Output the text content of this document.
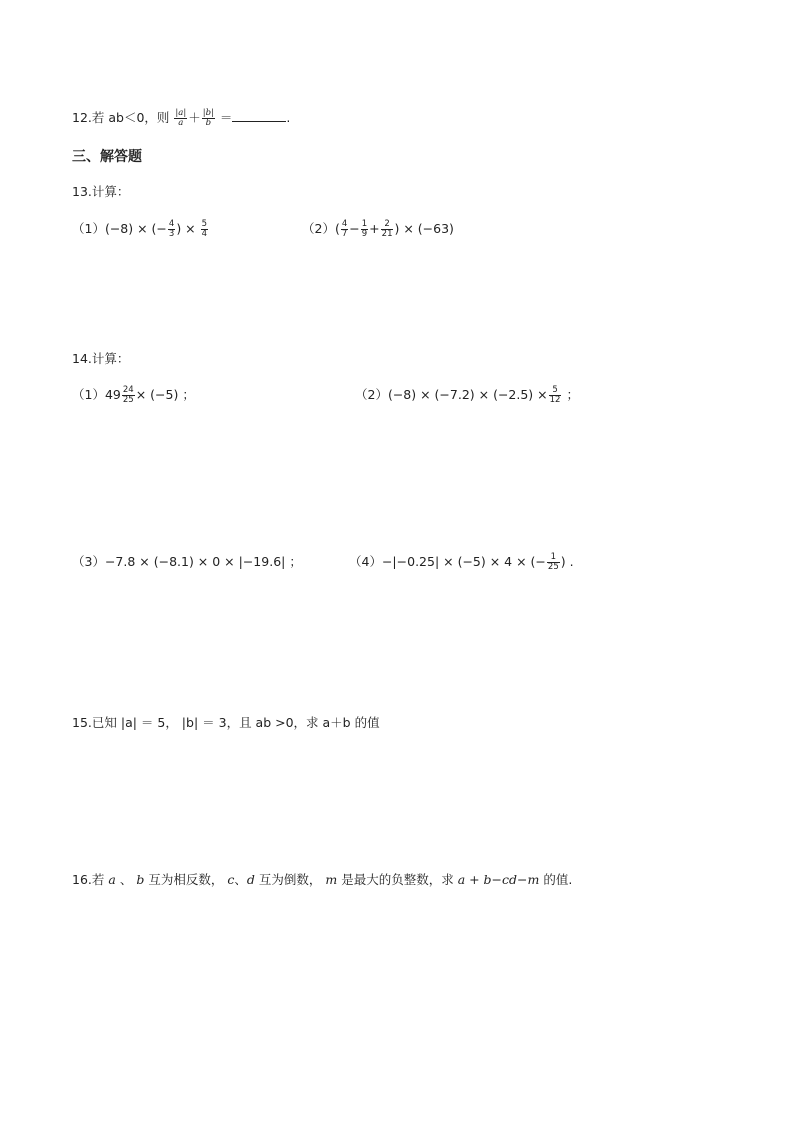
12.若 ab＜0，则 $\frac{|a|}{a} + \frac{|b|}{b}$ ＝	.
三、解答题
13.计算：
（1）(−8) × (− $\frac{4}{3}$ ) × $\frac{5}{4}$	$(2)( \frac{4}{7} - \frac{1}{9} + \frac{2}{21}$ ) × (−63)
14.计算：
$(1)49 \frac{24}{25} \times (-5)$ ；	$(2)(-8) \times (-7.2) \times (-2.5) \times \frac{5}{12}$ ；
（3）−7.8 × (−8.1) × 0 × |−19.6| ；	（4）−|−0.25| × (−5) × 4 × (− $\frac{1}{25}$ ) .
15.已知 |a| ＝ 5， |b| ＝ 3，且 ab >0，求 a＋b 的值
16.若 a 、 b 互为相反数， c、d 互为倒数， m 是最大的负整数，求 a + b−cd−m 的值.
